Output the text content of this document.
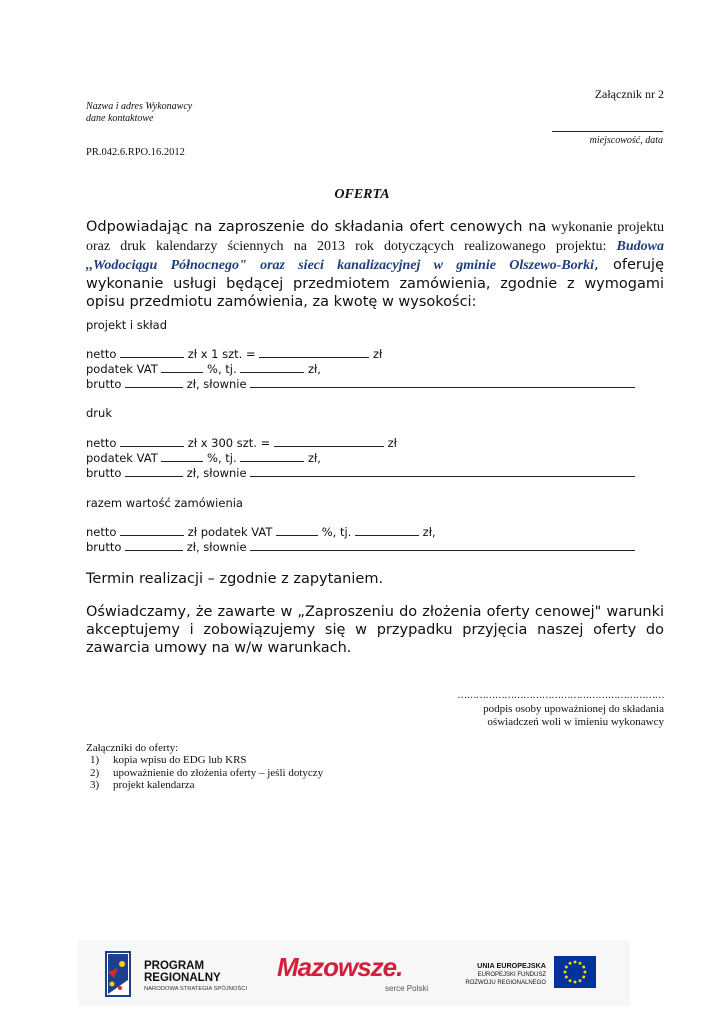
Załącznik nr 2
Nazwa i adres Wykonawcy
dane kontaktowe
miejscowość, data
PR.042.6.RPO.16.2012
OFERTA
Odpowiadając na zaproszenie do składania ofert cenowych na wykonanie projektu oraz druk kalendarzy ściennych na 2013 rok dotyczących realizowanego projektu: Budowa ,,Wodociągu Północnego" oraz sieci kanalizacyjnej w gminie Olszewo-Borki, oferuję wykonanie usługi będącej przedmiotem zamówienia, zgodnie z wymogami opisu przedmiotu zamówienia, za kwotę w wysokości:
projekt i skład
netto	zł x 1 szt. =	zł
podatek VAT	%, tj.	zł,
brutto	zł, słownie
druk
netto	zł x 300 szt. =	zł
podatek VAT	%, tj.	zł,
brutto	zł, słownie
razem wartość zamówienia
netto	zł podatek VAT	%, tj.	zł,
brutto	zł, słownie
Termin realizacji – zgodnie z zapytaniem.
Oświadczamy, że zawarte w „Zaproszeniu do złożenia oferty cenowej" warunki akceptujemy i zobowiązujemy się w przypadku przyjęcia naszej oferty do zawarcia umowy na w/w warunkach.
…………………………………………………………
podpis osoby upoważnionej do składania
oświadczeń woli w imieniu wykonawcy
Załączniki do oferty:
1) kopia wpisu do EDG lub KRS
2) upoważnienie do złożenia oferty – jeśli dotyczy
3) projekt kalendarza
PROGRAM
REGIONALNY
NARODOWA STRATEGIA SPÓJNOŚCI
Mazowsze.
serce Polski
UNIA EUROPEJSKA
EUROPEJSKI FUNDUSZ
ROZWOJU REGIONALNEGO
